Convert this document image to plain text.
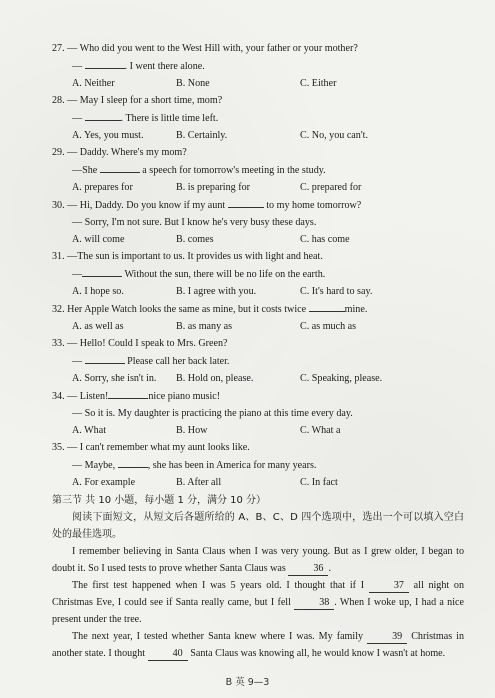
27. — Who did you went to the West Hill with, your father or your mother?
—	. I went there alone.
A. Neither	B. None	C. Either
28. — May I sleep for a short time, mom?
—	. There is little time left.
A. Yes, you must.	B. Certainly.	C. No, you can't.
29. — Daddy. Where's my mom?
—She	a speech for tomorrow's meeting in the study.
A. prepares for	B. is preparing for	C. prepared for
30. — Hi, Daddy. Do you know if my aunt	to my home tomorrow?
— Sorry, I'm not sure. But I know he's very busy these days.
A. will come	B. comes	C. has come
31. —The sun is important to us. It provides us with light and heat.
—	Without the sun, there will be no life on the earth.
A. I hope so.	B. I agree with you.	C. It's hard to say.
32. Her Apple Watch looks the same as mine, but it costs twice	mine.
A. as well as	B. as many as	C. as much as
33. — Hello! Could I speak to Mrs. Green?
—	Please call her back later.
A. Sorry, she isn't in.	B. Hold on, please.	C. Speaking, please.
34. — Listen!	nice piano music!
— So it is. My daughter is practicing the piano at this time every day.
A. What	B. How	C. What a
35. — I can't remember what my aunt looks like.
— Maybe,	, she has been in America for many years.
A. For example	B. After all	C. In fact
第三节 共 10 小题，每小题 1 分，满分 10 分）
阅读下面短文，从短文后各题所给的 A、B、C、D 四个选项中，选出一个可以填入空白处的最佳选项。
I remember believing in Santa Claus when I was very young. But as I grew older, I began to doubt it. So I used tests to prove whether Santa Claus was	36 .
The first test happened when I was 5 years old. I thought that if I	37 all night on Christmas Eve, I could see if Santa really came, but I fell	38 . When I woke up, I had a nice present under the tree.
The next year, I tested whether Santa knew where I was. My family	39 Christmas in another state. I thought	40 Santa Claus was knowing all, he would know I wasn't at home.
B 英 9—3
